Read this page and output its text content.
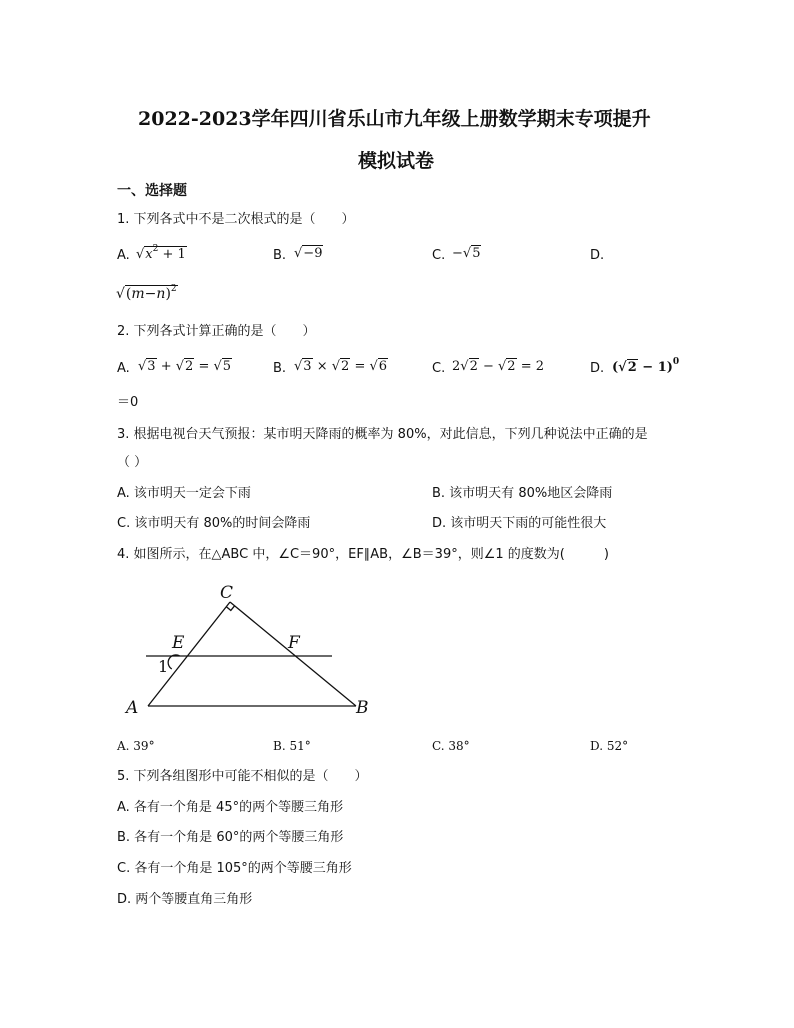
2022-2023学年四川省乐山市九年级上册数学期末专项提升
模拟试卷
一、选择题
1. 下列各式中不是二次根式的是（　　）
A. $√x^2 + 1$	B. √−9	C. −√5	D.
$√(m-n)^2$
2. 下列各式计算正确的是（　　）
A. √3 + √2 = √5	B. √3 × √2 = √6	C. 2√2 − √2 = 2	D. $(√2 - 1)^0$
＝0
3. 根据电视台天气预报：某市明天降雨的概率为 80%，对此信息，下列几种说法中正确的是
（ ）
A. 该市明天一定会下雨	B. 该市明天有 80%地区会降雨
C. 该市明天有 80%的时间会降雨	D. 该市明天下雨的可能性很大
4. 如图所示，在△ABC 中，∠C＝90°，EF∥AB，∠B＝39°，则∠1 的度数为(　　　)
C
E	F
1
A	B
A. 39°	B. 51°	C. 38°	D. 52°
5. 下列各组图形中可能不相似的是（　　）
A. 各有一个角是 45°的两个等腰三角形
B. 各有一个角是 60°的两个等腰三角形
C. 各有一个角是 105°的两个等腰三角形
D. 两个等腰直角三角形
